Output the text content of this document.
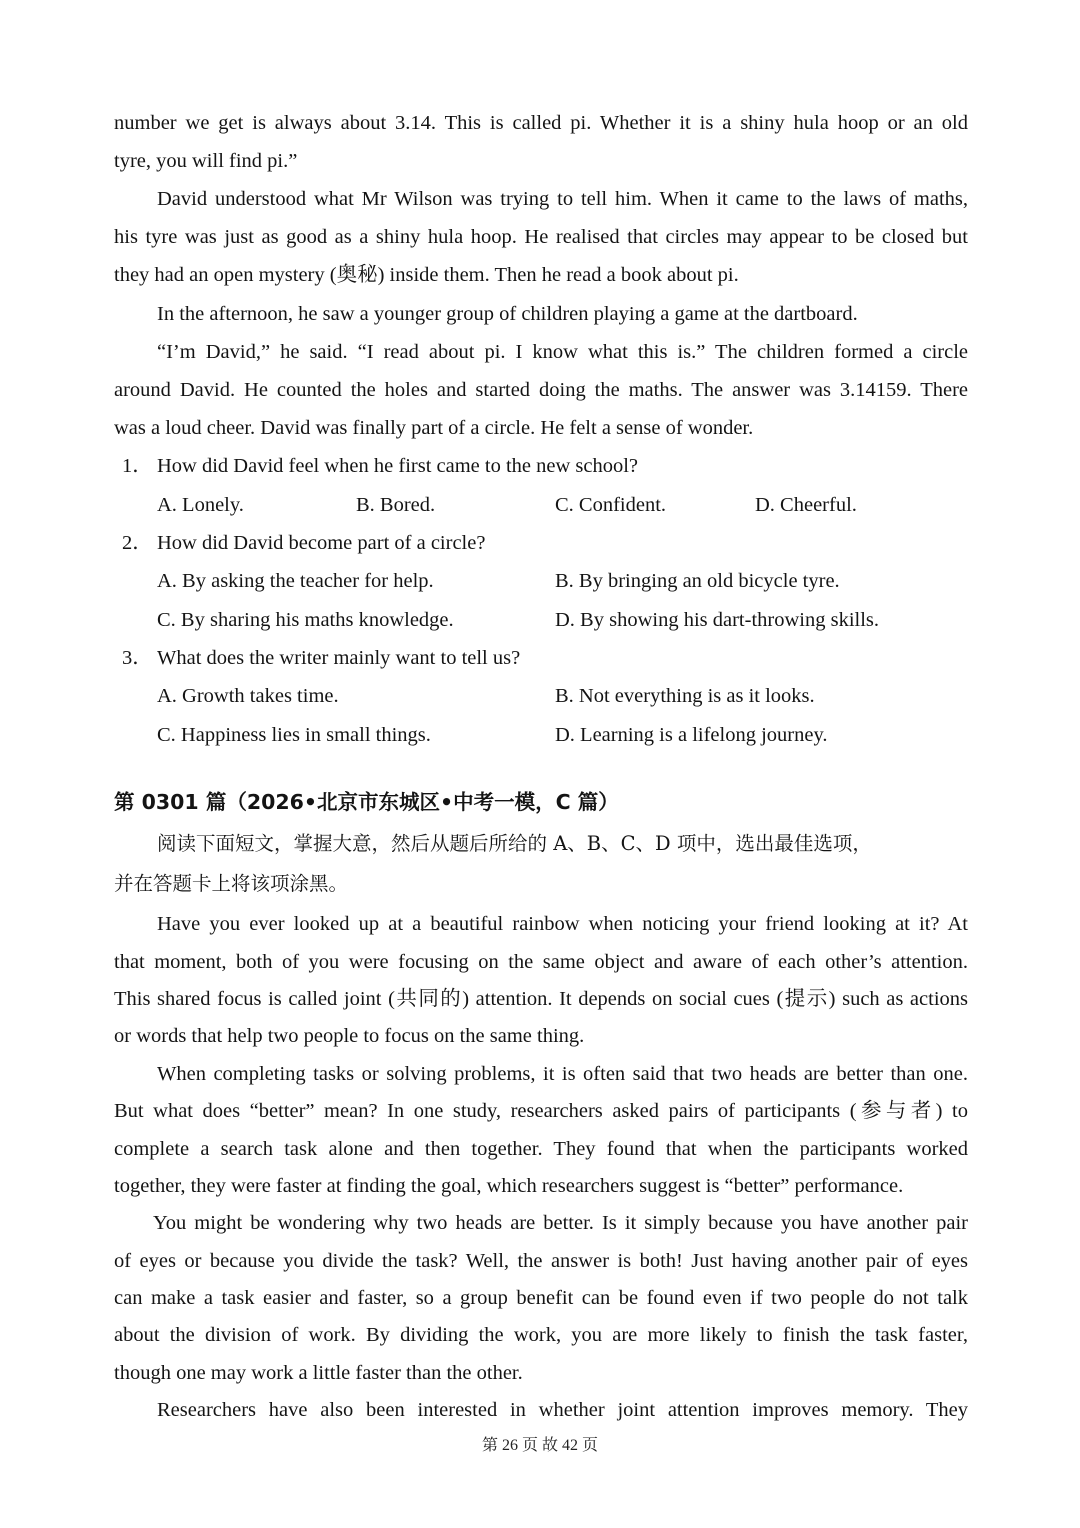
number we get is always about 3.14. This is called pi. Whether it is a shiny hula hoop or an old
tyre, you will find pi.”
David understood what Mr Wilson was trying to tell him. When it came to the laws of maths,
his tyre was just as good as a shiny hula hoop. He realised that circles may appear to be closed but
they had an open mystery (奥秘) inside them. Then he read a book about pi.
In the afternoon, he saw a younger group of children playing a game at the dartboard.
“I’m David,” he said. “I read about pi. I know what this is.” The children formed a circle
around David. He counted the holes and started doing the maths. The answer was 3.14159. There
was a loud cheer. David was finally part of a circle. He felt a sense of wonder.
1． How did David feel when he first came to the new school?
A. Lonely.	B. Bored.	C. Confident.	D. Cheerful.
2． How did David become part of a circle?
A. By asking the teacher for help.	B. By bringing an old bicycle tyre.
C. By sharing his maths knowledge.	D. By showing his dart-throwing skills.
3． What does the writer mainly want to tell us?
A. Growth takes time.	B. Not everything is as it looks.
C. Happiness lies in small things.	D. Learning is a lifelong journey.
第 0301 篇（2026•北京市东城区•中考一模，C 篇）
阅读下面短文，掌握大意，然后从题后所给的 A、B、C、D 项中，选出最佳选项，
并在答题卡上将该项涂黑。
Have you ever looked up at a beautiful rainbow when noticing your friend looking at it? At
that moment, both of you were focusing on the same object and aware of each other’s attention.
This shared focus is called joint (共同的) attention. It depends on social cues (提示) such as actions
or words that help two people to focus on the same thing.
When completing tasks or solving problems, it is often said that two heads are better than one.
But what does “better” mean? In one study, researchers asked pairs of participants (参与者) to
complete a search task alone and then together. They found that when the participants worked
together, they were faster at finding the goal, which researchers suggest is “better” performance.
You might be wondering why two heads are better. Is it simply because you have another pair
of eyes or because you divide the task? Well, the answer is both! Just having another pair of eyes
can make a task easier and faster, so a group benefit can be found even if two people do not talk
about the division of work. By dividing the work, you are more likely to finish the task faster,
though one may work a little faster than the other.
Researchers have also been interested in whether joint attention improves memory. They
第 26 页 故 42 页
